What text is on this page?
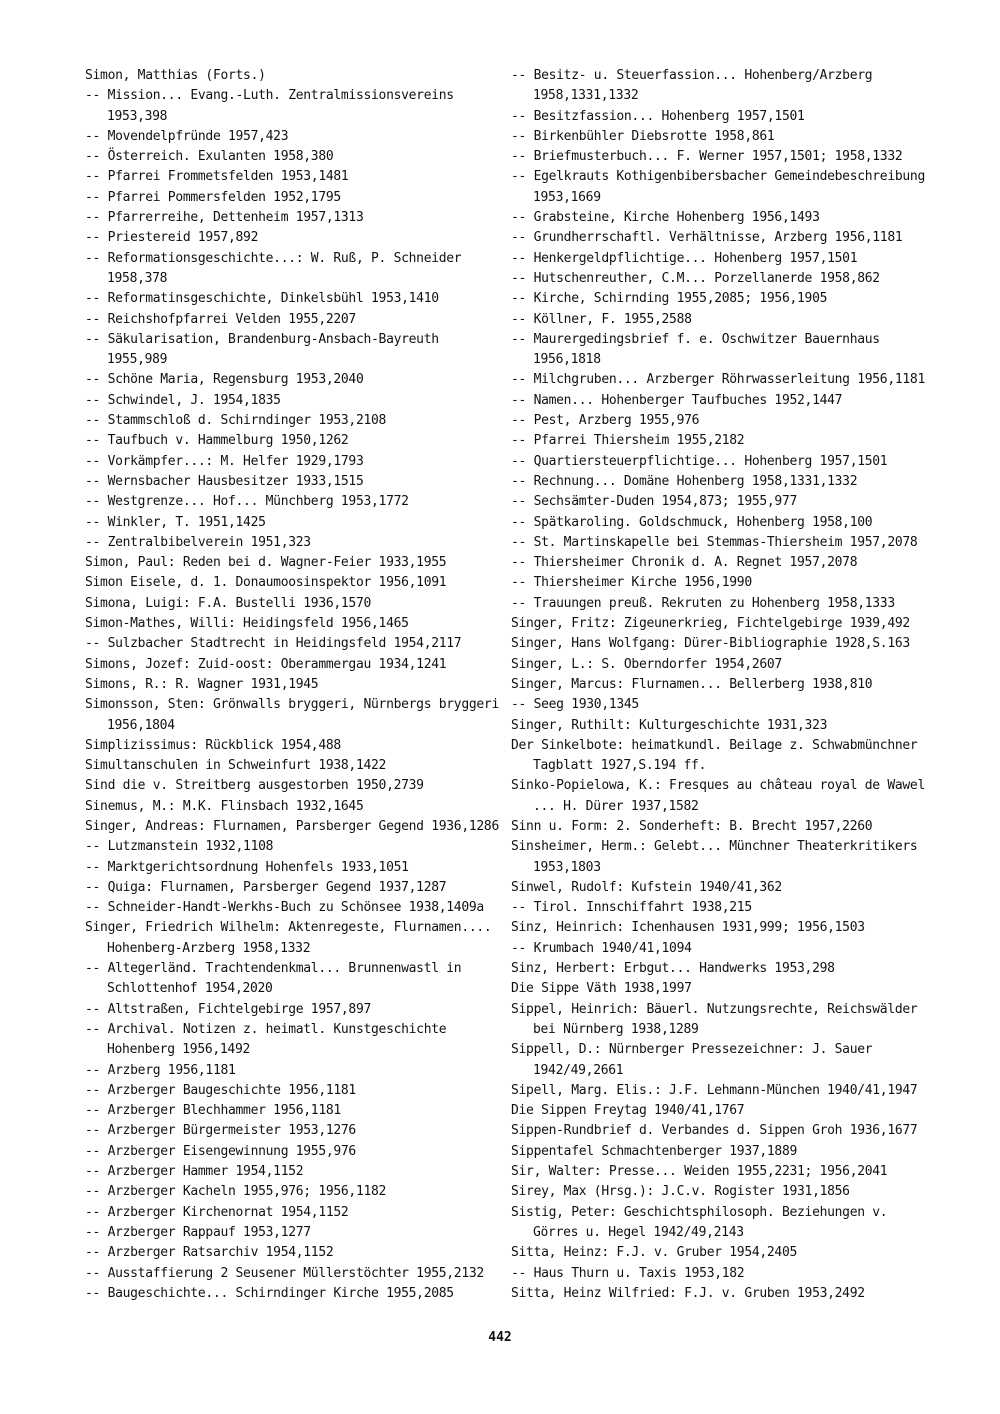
Simon, Matthias (Forts.)
-- Mission... Evang.-Luth. Zentralmissionsvereins
1953,398
-- Movendelpfründe 1957,423
-- Österreich. Exulanten 1958,380
-- Pfarrei Frommetsfelden 1953,1481
-- Pfarrei Pommersfelden 1952,1795
-- Pfarrerreihe, Dettenheim 1957,1313
-- Priestereid 1957,892
-- Reformationsgeschichte...: W. Ruß, P. Schneider
1958,378
-- Reformatinsgeschichte, Dinkelsbühl 1953,1410
-- Reichshofpfarrei Velden 1955,2207
-- Säkularisation, Brandenburg-Ansbach-Bayreuth
1955,989
-- Schöne Maria, Regensburg 1953,2040
-- Schwindel, J. 1954,1835
-- Stammschloß d. Schirndinger 1953,2108
-- Taufbuch v. Hammelburg 1950,1262
-- Vorkämpfer...: M. Helfer 1929,1793
-- Wernsbacher Hausbesitzer 1933,1515
-- Westgrenze... Hof... Münchberg 1953,1772
-- Winkler, T. 1951,1425
-- Zentralbibelverein 1951,323
Simon, Paul: Reden bei d. Wagner-Feier 1933,1955
Simon Eisele, d. 1. Donaumoosinspektor 1956,1091
Simona, Luigi: F.A. Bustelli 1936,1570
Simon-Mathes, Willi: Heidingsfeld 1956,1465
-- Sulzbacher Stadtrecht in Heidingsfeld 1954,2117
Simons, Jozef: Zuid-oost: Oberammergau 1934,1241
Simons, R.: R. Wagner 1931,1945
Simonsson, Sten: Grönwalls bryggeri, Nürnbergs bryggeri
1956,1804
Simplizissimus: Rückblick 1954,488
Simultanschulen in Schweinfurt 1938,1422
Sind die v. Streitberg ausgestorben 1950,2739
Sinemus, M.: M.K. Flinsbach 1932,1645
Singer, Andreas: Flurnamen, Parsberger Gegend 1936,1286
-- Lutzmanstein 1932,1108
-- Marktgerichtsordnung Hohenfels 1933,1051
-- Quiga: Flurnamen, Parsberger Gegend 1937,1287
-- Schneider-Handt-Werkhs-Buch zu Schönsee 1938,1409a
Singer, Friedrich Wilhelm: Aktenregeste, Flurnamen....
Hohenberg-Arzberg 1958,1332
-- Altegerländ. Trachtendenkmal... Brunnenwastl in
Schlottenhof 1954,2020
-- Altstraßen, Fichtelgebirge 1957,897
-- Archival. Notizen z. heimatl. Kunstgeschichte
Hohenberg 1956,1492
-- Arzberg 1956,1181
-- Arzberger Baugeschichte 1956,1181
-- Arzberger Blechhammer 1956,1181
-- Arzberger Bürgermeister 1953,1276
-- Arzberger Eisengewinnung 1955,976
-- Arzberger Hammer 1954,1152
-- Arzberger Kacheln 1955,976; 1956,1182
-- Arzberger Kirchenornat 1954,1152
-- Arzberger Rappauf 1953,1277
-- Arzberger Ratsarchiv 1954,1152
-- Ausstaffierung 2 Seusener Müllerstöchter 1955,2132
-- Baugeschichte... Schirndinger Kirche 1955,2085
-- Besitz- u. Steuerfassion... Hohenberg/Arzberg
1958,1331,1332
-- Besitzfassion... Hohenberg 1957,1501
-- Birkenbühler Diebsrotte 1958,861
-- Briefmusterbuch... F. Werner 1957,1501; 1958,1332
-- Egelkrauts Kothigenbibersbacher Gemeindebeschreibung
1953,1669
-- Grabsteine, Kirche Hohenberg 1956,1493
-- Grundherrschaftl. Verhältnisse, Arzberg 1956,1181
-- Henkergeldpflichtige... Hohenberg 1957,1501
-- Hutschenreuther, C.M... Porzellanerde 1958,862
-- Kirche, Schirnding 1955,2085; 1956,1905
-- Köllner, F. 1955,2588
-- Maurergedingsbrief f. e. Oschwitzer Bauernhaus
1956,1818
-- Milchgruben... Arzberger Röhrwasserleitung 1956,1181
-- Namen... Hohenberger Taufbuches 1952,1447
-- Pest, Arzberg 1955,976
-- Pfarrei Thiersheim 1955,2182
-- Quartiersteuerpflichtige... Hohenberg 1957,1501
-- Rechnung... Domäne Hohenberg 1958,1331,1332
-- Sechsämter-Duden 1954,873; 1955,977
-- Spätkaroling. Goldschmuck, Hohenberg 1958,100
-- St. Martinskapelle bei Stemmas-Thiersheim 1957,2078
-- Thiersheimer Chronik d. A. Regnet 1957,2078
-- Thiersheimer Kirche 1956,1990
-- Trauungen preuß. Rekruten zu Hohenberg 1958,1333
Singer, Fritz: Zigeunerkrieg, Fichtelgebirge 1939,492
Singer, Hans Wolfgang: Dürer-Bibliographie 1928,S.163
Singer, L.: S. Oberndorfer 1954,2607
Singer, Marcus: Flurnamen... Bellerberg 1938,810
-- Seeg 1930,1345
Singer, Ruthilt: Kulturgeschichte 1931,323
Der Sinkelbote: heimatkundl. Beilage z. Schwabmünchner
Tagblatt 1927,S.194 ff.
Sinko-Popielowa, K.: Fresques au château royal de Wawel
... H. Dürer 1937,1582
Sinn u. Form: 2. Sonderheft: B. Brecht 1957,2260
Sinsheimer, Herm.: Gelebt... Münchner Theaterkritikers
1953,1803
Sinwel, Rudolf: Kufstein 1940/41,362
-- Tirol. Innschiffahrt 1938,215
Sinz, Heinrich: Ichenhausen 1931,999; 1956,1503
-- Krumbach 1940/41,1094
Sinz, Herbert: Erbgut... Handwerks 1953,298
Die Sippe Väth 1938,1997
Sippel, Heinrich: Bäuerl. Nutzungsrechte, Reichswälder
bei Nürnberg 1938,1289
Sippell, D.: Nürnberger Pressezeichner: J. Sauer
1942/49,2661
Sipell, Marg. Elis.: J.F. Lehmann-München 1940/41,1947
Die Sippen Freytag 1940/41,1767
Sippen-Rundbrief d. Verbandes d. Sippen Groh 1936,1677
Sippentafel Schmachtenberger 1937,1889
Sir, Walter: Presse... Weiden 1955,2231; 1956,2041
Sirey, Max (Hrsg.): J.C.v. Rogister 1931,1856
Sistig, Peter: Geschichtsphilosoph. Beziehungen v.
Görres u. Hegel 1942/49,2143
Sitta, Heinz: F.J. v. Gruber 1954,2405
-- Haus Thurn u. Taxis 1953,182
Sitta, Heinz Wilfried: F.J. v. Gruben 1953,2492
442
